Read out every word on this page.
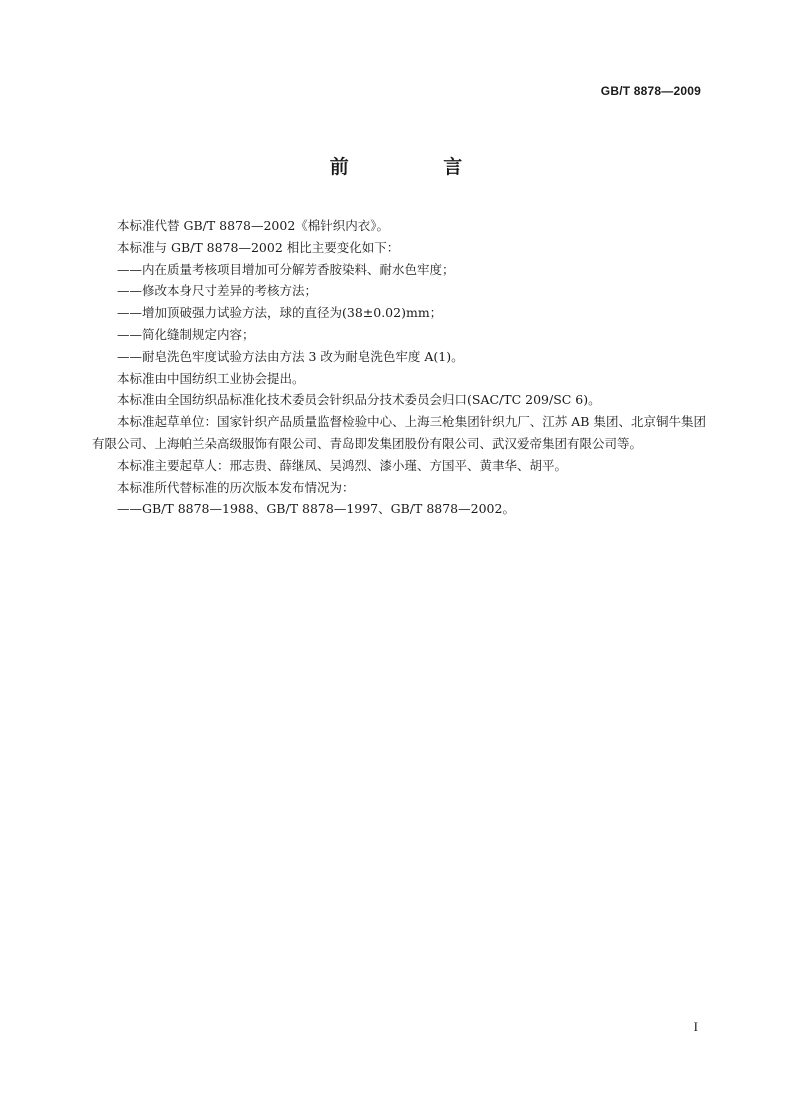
GB/T 8878—2009
前 言

本标准代替 GB/T 8878—2002《棉针织内衣》。

本标准与 GB/T 8878—2002 相比主要变化如下：

——内在质量考核项目增加可分解芳香胺染料、耐水色牢度；

——修改本身尺寸差异的考核方法；

——增加顶破强力试验方法，球的直径为(38±0.02)mm；

——简化缝制规定内容；

——耐皂洗色牢度试验方法由方法 3 改为耐皂洗色牢度 A(1)。

本标准由中国纺织工业协会提出。

本标准由全国纺织品标准化技术委员会针织品分技术委员会归口(SAC/TC 209/SC 6)。

本标准起草单位：国家针织产品质量监督检验中心、上海三枪集团针织九厂、江苏 AB 集团、北京铜牛集团有限公司、上海帕兰朵高级服饰有限公司、青岛即发集团股份有限公司、武汉爱帝集团有限公司等。

本标准主要起草人：邢志贵、薛继凤、吴鸿烈、漆小瑾、方国平、黄聿华、胡平。

本标准所代替标准的历次版本发布情况为：

——GB/T 8878—1988、GB/T 8878—1997、GB/T 8878—2002。

I
